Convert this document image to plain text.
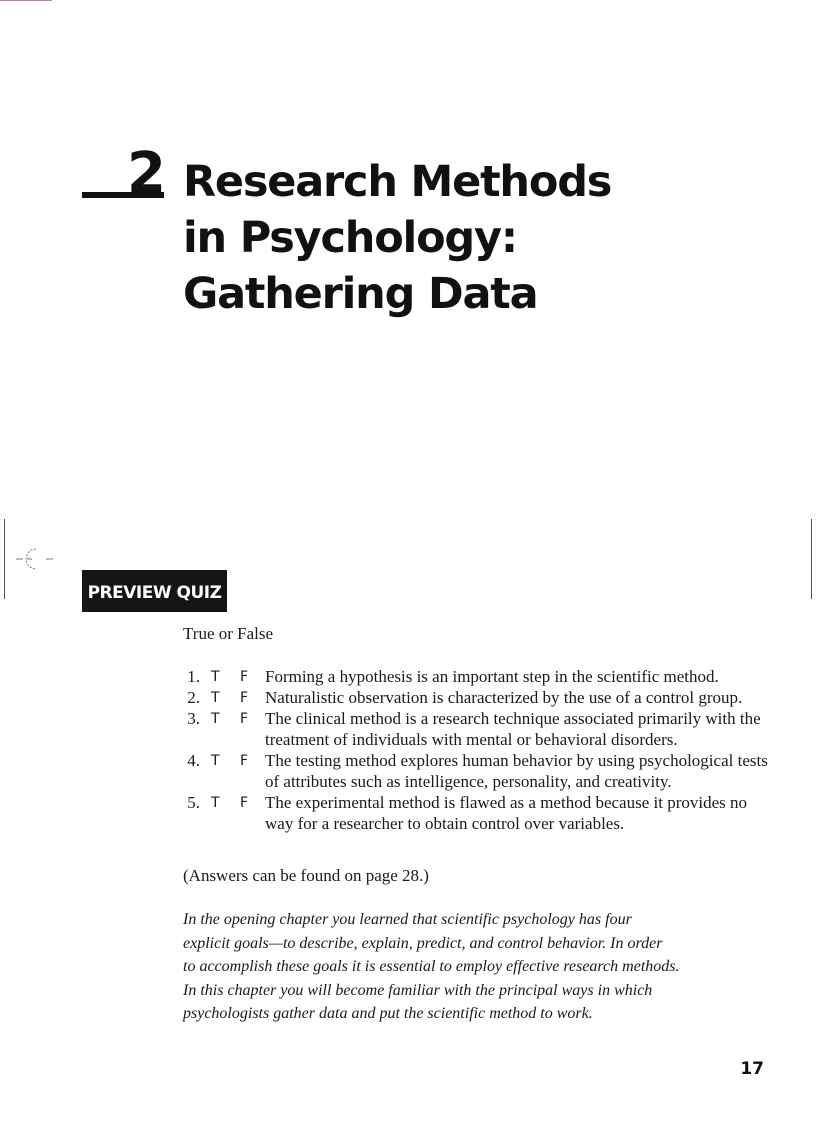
2 Research Methods
in Psychology:
Gathering Data
PREVIEW QUIZ
True or False
1. T F Forming a hypothesis is an important step in the scientific method.
2. T F Naturalistic observation is characterized by the use of a control group.
3. T F The clinical method is a research technique associated primarily with the treatment of individuals with mental or behavioral disorders.
4. T F The testing method explores human behavior by using psychological tests of attributes such as intelligence, personality, and creativity.
5. T F The experimental method is flawed as a method because it provides no way for a researcher to obtain control over variables.
(Answers can be found on page 28.)

In the opening chapter you learned that scientific psychology has four
explicit goals—to describe, explain, predict, and control behavior. In order
to accomplish these goals it is essential to employ effective research methods.
In this chapter you will become familiar with the principal ways in which
psychologists gather data and put the scientific method to work.

17
